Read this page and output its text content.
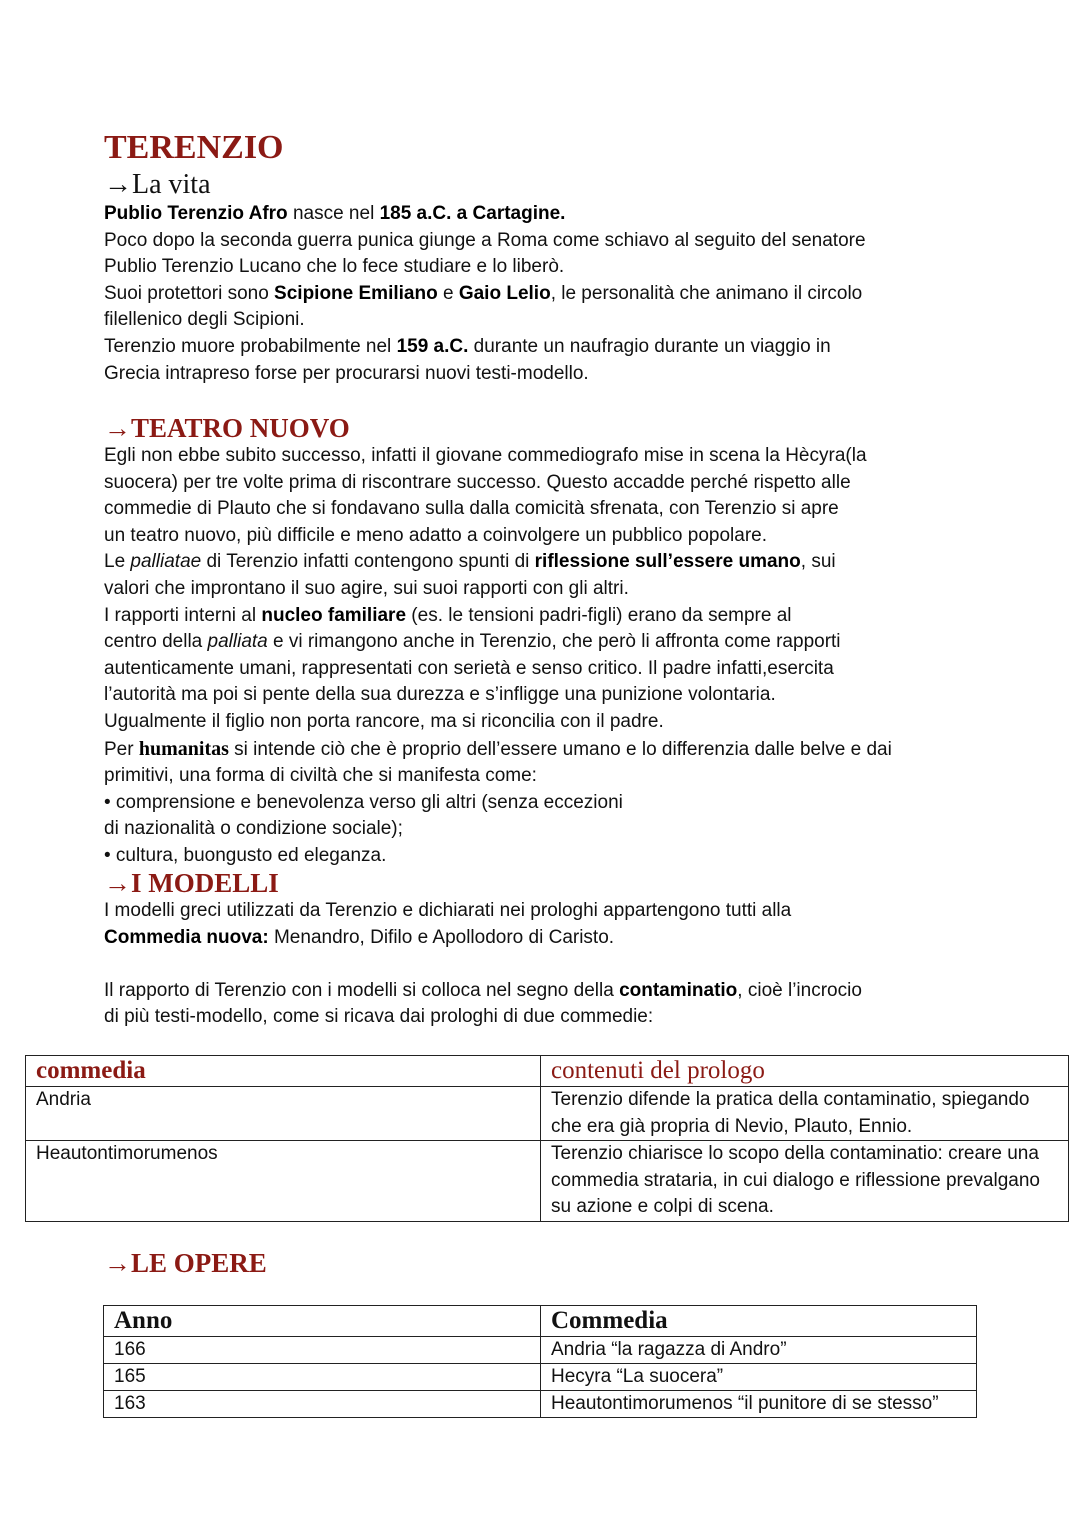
TERENZIO
→La vita

Publio Terenzio Afro nasce nel 185 a.C. a Cartagine.

Poco dopo la seconda guerra punica giunge a Roma come schiavo al seguito del senatore

Publio Terenzio Lucano che lo fece studiare e lo liberò.

Suoi protettori sono Scipione Emiliano e Gaio Lelio, le personalità che animano il circolo

filellenico degli Scipioni.

Terenzio muore probabilmente nel 159 a.C. durante un naufragio durante un viaggio in

Grecia intrapreso forse per procurarsi nuovi testi-modello.

→TEATRO NUOVO

Egli non ebbe subito successo, infatti il giovane commediografo mise in scena la Hècyra(la

suocera) per tre volte prima di riscontrare successo. Questo accadde perché rispetto alle

commedie di Plauto che si fondavano sulla dalla comicità sfrenata, con Terenzio si apre

un teatro nuovo, più difficile e meno adatto a coinvolgere un pubblico popolare.

Le palliatae di Terenzio infatti contengono spunti di riflessione sull’essere umano, sui

valori che improntano il suo agire, sui suoi rapporti con gli altri.

I rapporti interni al nucleo familiare (es. le tensioni padri-figli) erano da sempre al

centro della palliata e vi rimangono anche in Terenzio, che però li affronta come rapporti

autenticamente umani, rappresentati con serietà e senso critico. Il padre infatti,esercita

l’autorità ma poi si pente della sua durezza e s’infligge una punizione volontaria.

Ugualmente il figlio non porta rancore, ma si riconcilia con il padre.

Per humanitas si intende ciò che è proprio dell’essere umano e lo differenzia dalle belve e dai

primitivi, una forma di civiltà che si manifesta come:

• comprensione e benevolenza verso gli altri (senza eccezioni

di nazionalità o condizione sociale);

• cultura, buongusto ed eleganza.

→I MODELLI

I modelli greci utilizzati da Terenzio e dichiarati nei prologhi appartengono tutti alla

Commedia nuova: Menandro, Difilo e Apollodoro di Caristo.

Il rapporto di Terenzio con i modelli si colloca nel segno della contaminatio, cioè l’incrocio

di più testi-modello, come si ricava dai prologhi di due commedie:

commedia	contenuti del prologo
Andria	Terenzio difende la pratica della contaminatio, spiegando
che era già propria di Nevio, Plauto, Ennio.

Heautontimorumenos	Terenzio chiarisce lo scopo della contaminatio: creare una
commedia strataria, in cui dialogo e riflessione prevalgano
su azione e colpi di scena.
→LE OPERE
Anno	Commedia
166	Andria “la ragazza di Andro”
165	Hecyra “La suocera”
163	Heautontimorumenos “il punitore di se stesso”
